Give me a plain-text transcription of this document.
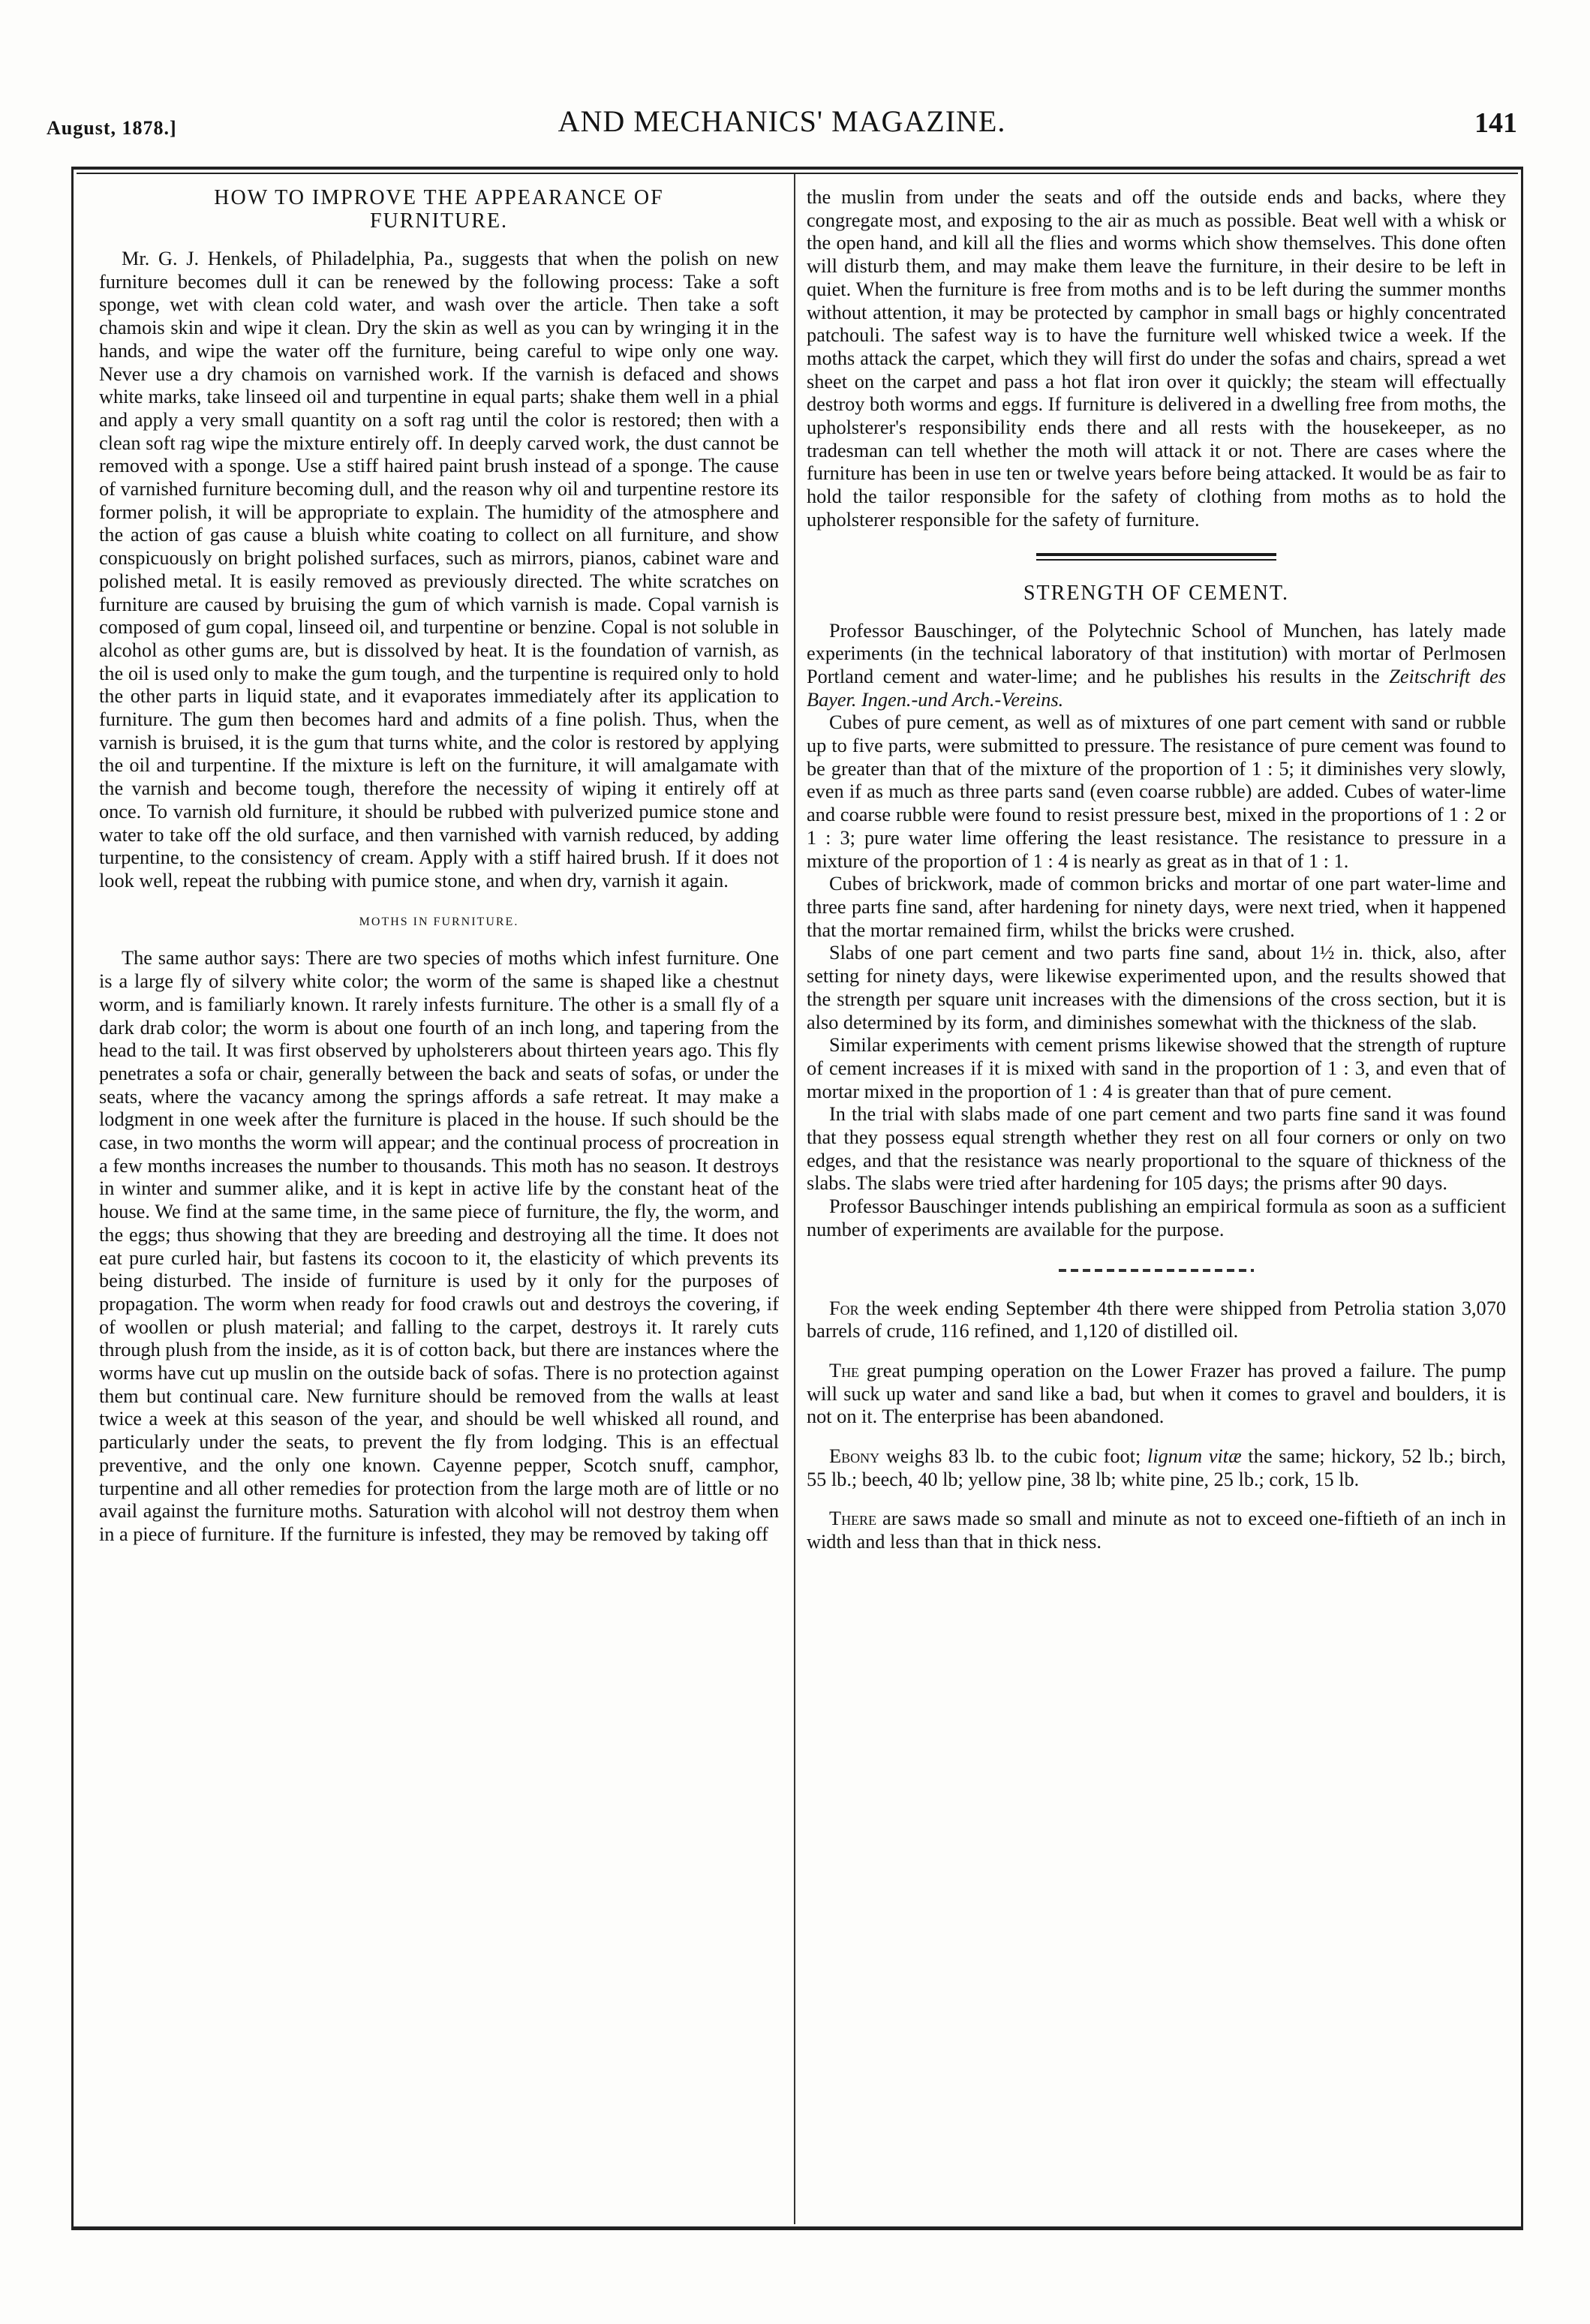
August, 1878.]	AND MECHANICS' MAGAZINE.	141
HOW TO IMPROVE THE APPEARANCE OF
FURNITURE.

Mr. G. J. Henkels, of Philadelphia, Pa., suggests that when the polish on new furniture becomes dull it can be renewed by the following process: Take a soft sponge, wet with clean cold water, and wash over the article. Then take a soft chamois skin and wipe it clean. Dry the skin as well as you can by wringing it in the hands, and wipe the water off the furniture, being careful to wipe only one way. Never use a dry chamois on varnished work. If the varnish is defaced and shows white marks, take linseed oil and turpentine in equal parts; shake them well in a phial and apply a very small quantity on a soft rag until the color is restored; then with a clean soft rag wipe the mixture entirely off. In deeply carved work, the dust cannot be removed with a sponge. Use a stiff haired paint brush instead of a sponge. The cause of varnished furniture becoming dull, and the reason why oil and turpentine restore its former polish, it will be appropriate to explain. The humidity of the atmosphere and the action of gas cause a bluish white coating to collect on all furniture, and show conspicuously on bright polished surfaces, such as mirrors, pianos, cabinet ware and polished metal. It is easily removed as previously directed. The white scratches on furniture are caused by bruising the gum of which varnish is made. Copal varnish is composed of gum copal, linseed oil, and turpentine or benzine. Copal is not soluble in alcohol as other gums are, but is dissolved by heat. It is the foundation of varnish, as the oil is used only to make the gum tough, and the turpentine is required only to hold the other parts in liquid state, and it evaporates immediately after its application to furniture. The gum then becomes hard and admits of a fine polish. Thus, when the varnish is bruised, it is the gum that turns white, and the color is restored by applying the oil and turpentine. If the mixture is left on the furniture, it will amalgamate with the varnish and become tough, therefore the necessity of wiping it entirely off at once. To varnish old furniture, it should be rubbed with pulverized pumice stone and water to take off the old surface, and then varnished with varnish reduced, by adding turpentine, to the consistency of cream. Apply with a stiff haired brush. If it does not look well, repeat the rubbing with pumice stone, and when dry, varnish it again.

MOTHS IN FURNITURE.

The same author says: There are two species of moths which infest furniture. One is a large fly of silvery white color; the worm of the same is shaped like a chestnut worm, and is familiarly known. It rarely infests furniture. The other is a small fly of a dark drab color; the worm is about one fourth of an inch long, and tapering from the head to the tail. It was first observed by upholsterers about thirteen years ago. This fly penetrates a sofa or chair, generally between the back and seats of sofas, or under the seats, where the vacancy among the springs affords a safe retreat. It may make a lodgment in one week after the furniture is placed in the house. If such should be the case, in two months the worm will appear; and the continual process of procreation in a few months increases the number to thousands. This moth has no season. It destroys in winter and summer alike, and it is kept in active life by the constant heat of the house. We find at the same time, in the same piece of furniture, the fly, the worm, and the eggs; thus showing that they are breeding and destroying all the time. It does not eat pure curled hair, but fastens its cocoon to it, the elasticity of which prevents its being disturbed. The inside of furniture is used by it only for the purposes of propagation. The worm when ready for food crawls out and destroys the covering, if of woollen or plush material; and falling to the carpet, destroys it. It rarely cuts through plush from the inside, as it is of cotton back, but there are instances where the worms have cut up muslin on the outside back of sofas. There is no protection against them but continual care. New furniture should be removed from the walls at least twice a week at this season of the year, and should be well whisked all round, and particularly under the seats, to prevent the fly from lodging. This is an effectual preventive, and the only one known. Cayenne pepper, Scotch snuff, camphor, turpentine and all other remedies for protection from the large moth are of little or no avail against the furniture moths. Saturation with alcohol will not destroy them when in a piece of furniture. If the furniture is infested, they may be removed by taking off

the muslin from under the seats and off the outside ends and backs, where they congregate most, and exposing to the air as much as possible. Beat well with a whisk or the open hand, and kill all the flies and worms which show themselves. This done often will disturb them, and may make them leave the furniture, in their desire to be left in quiet. When the furniture is free from moths and is to be left during the summer months without attention, it may be protected by camphor in small bags or highly concentrated patchouli. The safest way is to have the furniture well whisked twice a week. If the moths attack the carpet, which they will first do under the sofas and chairs, spread a wet sheet on the carpet and pass a hot flat iron over it quickly; the steam will effectually destroy both worms and eggs. If furniture is delivered in a dwelling free from moths, the upholsterer's responsibility ends there and all rests with the housekeeper, as no tradesman can tell whether the moth will attack it or not. There are cases where the furniture has been in use ten or twelve years before being attacked. It would be as fair to hold the tailor responsible for the safety of clothing from moths as to hold the upholsterer responsible for the safety of furniture.

STRENGTH OF CEMENT.

Professor Bauschinger, of the Polytechnic School of Munchen, has lately made experiments (in the technical laboratory of that institution) with mortar of Perlmosen Portland cement and water-lime; and he publishes his results in the Zeitschrift des Bayer. Ingen.-und Arch.-Vereins.

Cubes of pure cement, as well as of mixtures of one part cement with sand or rubble up to five parts, were submitted to pressure. The resistance of pure cement was found to be greater than that of the mixture of the proportion of 1 : 5; it diminishes very slowly, even if as much as three parts sand (even coarse rubble) are added. Cubes of water-lime and coarse rubble were found to resist pressure best, mixed in the proportions of 1 : 2 or 1 : 3; pure water lime offering the least resistance. The resistance to pressure in a mixture of the proportion of 1 : 4 is nearly as great as in that of 1 : 1.

Cubes of brickwork, made of common bricks and mortar of one part water-lime and three parts fine sand, after hardening for ninety days, were next tried, when it happened that the mortar remained firm, whilst the bricks were crushed.

Slabs of one part cement and two parts fine sand, about 1½ in. thick, also, after setting for ninety days, were likewise experimented upon, and the results showed that the strength per square unit increases with the dimensions of the cross section, but it is also determined by its form, and diminishes somewhat with the thickness of the slab.

Similar experiments with cement prisms likewise showed that the strength of rupture of cement increases if it is mixed with sand in the proportion of 1 : 3, and even that of mortar mixed in the proportion of 1 : 4 is greater than that of pure cement.

In the trial with slabs made of one part cement and two parts fine sand it was found that they possess equal strength whether they rest on all four corners or only on two edges, and that the resistance was nearly proportional to the square of thickness of the slabs. The slabs were tried after hardening for 105 days; the prisms after 90 days.

Professor Bauschinger intends publishing an empirical formula as soon as a sufficient number of experiments are available for the purpose.

For the week ending September 4th there were shipped from Petrolia station 3,070 barrels of crude, 116 refined, and 1,120 of distilled oil.

The great pumping operation on the Lower Frazer has proved a failure. The pump will suck up water and sand like a bad, but when it comes to gravel and boulders, it is not on it. The enterprise has been abandoned.

Ebony weighs 83 lb. to the cubic foot; lignum vitæ the same; hickory, 52 lb.; birch, 55 lb.; beech, 40 lb; yellow pine, 38 lb; white pine, 25 lb.; cork, 15 lb.

There are saws made so small and minute as not to exceed one-fiftieth of an inch in width and less than that in thick ness.
